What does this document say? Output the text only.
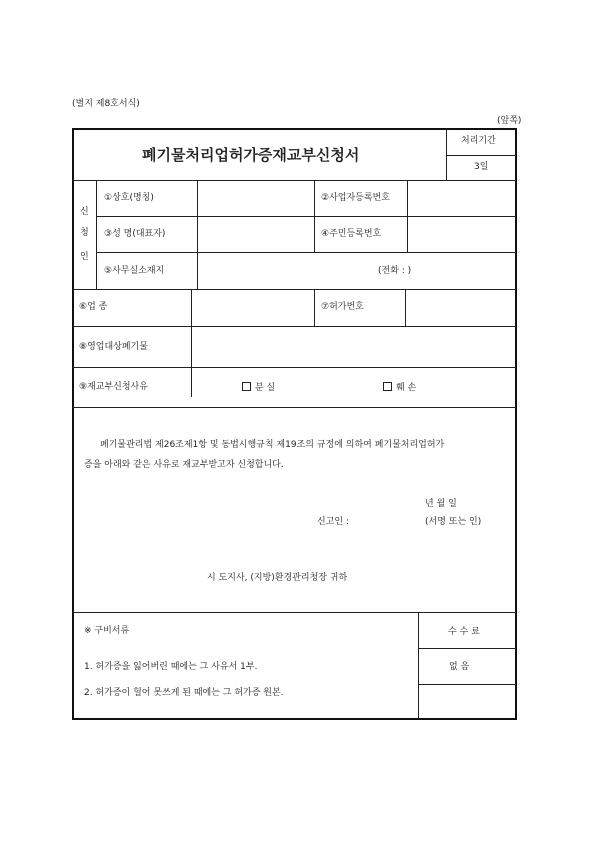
(별지 제8호서식)
(앞쪽)
폐기물처리업허가증재교부신청서
처리기간
3일
신
청
인
①상호(명칭)	②사업자등록번호
③성 명(대표자)	④주민등록번호
⑤사무실소재지	(전화 : )
⑥업 종	⑦허가번호
⑧영업대상폐기물
⑨재교부신청사유	분 실	훼 손
폐기물관리법 제26조제1항 및 동법시행규칙 제19조의 규정에 의하여 폐기물처리업허가
증을 아래와 같은 사유로 재교부받고자 신청합니다.
년 월 일
신고인 :	(서명 또는 인)
시 도지사, (지방)환경관리청장 귀하
※ 구비서류
1. 허가증을 잃어버린 때에는 그 사유서 1부.
2. 허가증이 헐어 못쓰게 된 때에는 그 허가증 원본.
수 수 료
없 음
